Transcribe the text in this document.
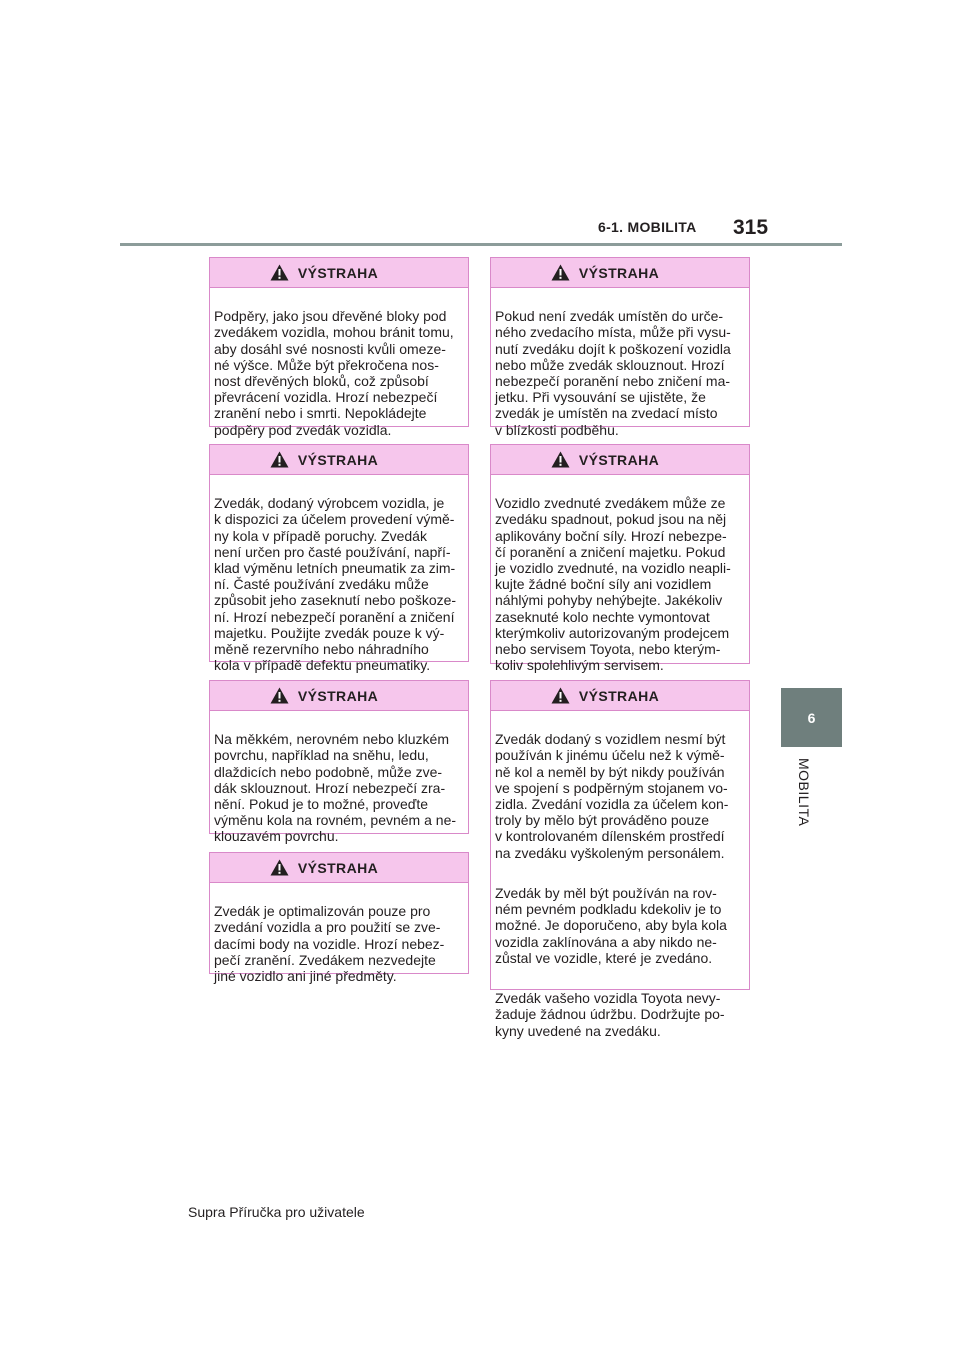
6-1. MOBILITA 315
6
MOBILITA
VÝSTRAHA

Podpěry, jako jsou dřevěné bloky pod
zvedákem vozidla, mohou bránit tomu,
aby dosáhl své nosnosti kvůli omeze-
né výšce. Může být překročena nos-
nost dřevěných bloků, což způsobí
převrácení vozidla. Hrozí nebezpečí
zranění nebo i smrti. Nepokládejte
podpěry pod zvedák vozidla.

VÝSTRAHA

Zvedák, dodaný výrobcem vozidla, je
k dispozici za účelem provedení výmě-
ny kola v případě poruchy. Zvedák
není určen pro časté používání, napří-
klad výměnu letních pneumatik za zim-
ní. Časté používání zvedáku může
způsobit jeho zaseknutí nebo poškoze-
ní. Hrozí nebezpečí poranění a zničení
majetku. Použijte zvedák pouze k vý-
měně rezervního nebo náhradního
kola v případě defektu pneumatiky.

VÝSTRAHA

Na měkkém, nerovném nebo kluzkém
povrchu, například na sněhu, ledu,
dlaždicích nebo podobně, může zve-
dák sklouznout. Hrozí nebezpečí zra-
nění. Pokud je to možné, proveďte
výměnu kola na rovném, pevném a ne-
klouzavém povrchu.

VÝSTRAHA

Zvedák je optimalizován pouze pro
zvedání vozidla a pro použití se zve-
dacími body na vozidle. Hrozí nebez-
pečí zranění. Zvedákem nezvedejte
jiné vozidlo ani jiné předměty.

VÝSTRAHA

Pokud není zvedák umístěn do urče-
ného zvedacího místa, může při vysu-
nutí zvedáku dojít k poškození vozidla
nebo může zvedák sklouznout. Hrozí
nebezpečí poranění nebo zničení ma-
jetku. Při vysouvání se ujistěte, že
zvedák je umístěn na zvedací místo
v blízkosti podběhu.

VÝSTRAHA

Vozidlo zvednuté zvedákem může ze
zvedáku spadnout, pokud jsou na něj
aplikovány boční síly. Hrozí nebezpe-
čí poranění a zničení majetku. Pokud
je vozidlo zvednuté, na vozidlo neapli-
kujte žádné boční síly ani vozidlem
náhlými pohyby nehýbejte. Jakékoliv
zaseknuté kolo nechte vymontovat
kterýmkoliv autorizovaným prodejcem
nebo servisem Toyota, nebo kterým-
koliv spolehlivým servisem.

VÝSTRAHA

Zvedák dodaný s vozidlem nesmí být
používán k jinému účelu než k výmě-
ně kol a neměl by být nikdy používán
ve spojení s podpěrným stojanem vo-
zidla. Zvedání vozidla za účelem kon-
troly by mělo být prováděno pouze
v kontrolovaném dílenském prostředí
na zvedáku vyškoleným personálem.

Zvedák by měl být používán na rov-
ném pevném podkladu kdekoliv je to
možné. Je doporučeno, aby byla kola
vozidla zaklínována a aby nikdo ne-
zůstal ve vozidle, které je zvedáno.

Zvedák vašeho vozidla Toyota nevy-
žaduje žádnou údržbu. Dodržujte po-
kyny uvedené na zvedáku.

Supra Příručka pro uživatele
